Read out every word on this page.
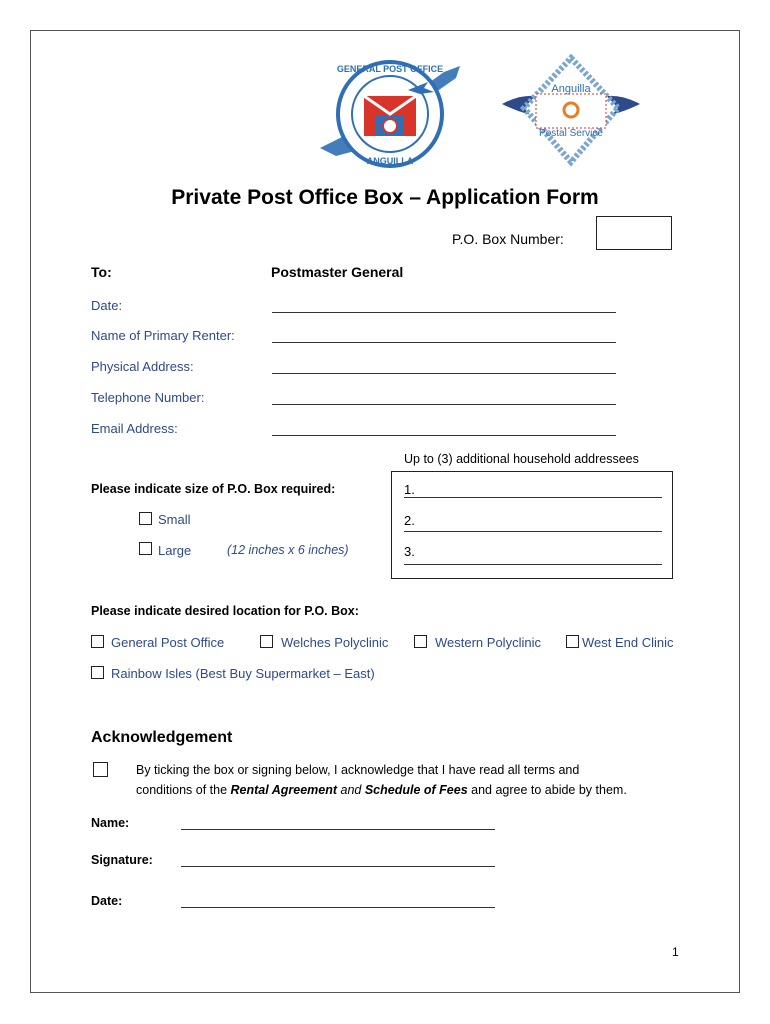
GENERAL POST OFFICE
ANGUILLA
Anguilla
Postal Service
Private Post Office Box – Application Form
P.O. Box Number:
To:	Postmaster General
Date:
Name of Primary Renter:
Physical Address:
Telephone Number:
Email Address:
Up to (3) additional household addressees
1.
2.
3.
Please indicate size of P.O. Box required:
Small
Large	(12 inches x 6 inches)
Please indicate desired location for P.O. Box:
General Post Office	Welches Polyclinic	Western Polyclinic	West End Clinic
Rainbow Isles (Best Buy Supermarket – East)
Acknowledgement
By ticking the box or signing below, I acknowledge that I have read all terms and
conditions of the Rental Agreement and Schedule of Fees and agree to abide by them.
Name:
Signature:
Date:
1
